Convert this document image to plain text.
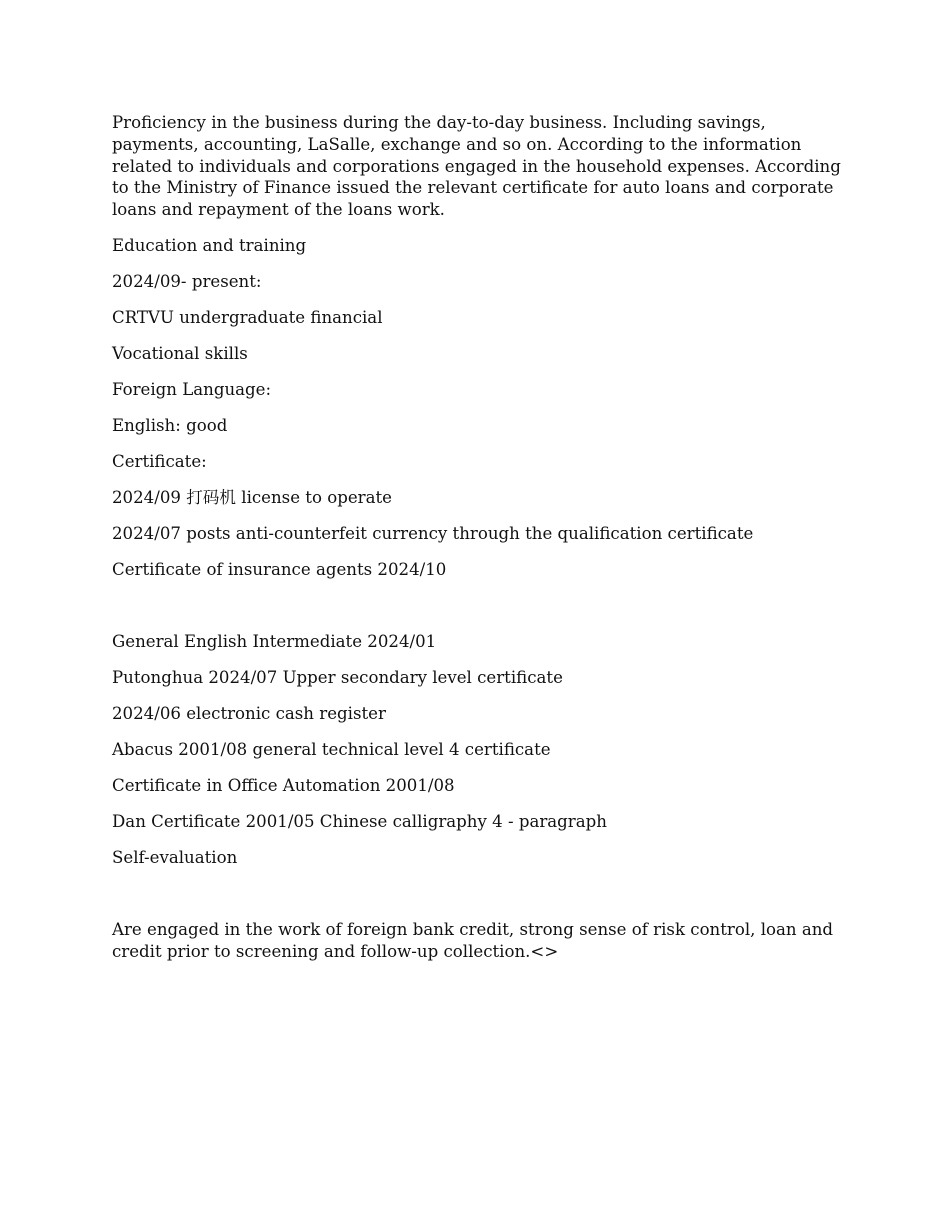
Proficiency in the business during the day-to-day business. Including savings, payments, accounting, LaSalle, exchange and so on. According to the information related to individuals and corporations engaged in the household expenses. According to the Ministry of Finance issued the relevant certificate for auto loans and corporate loans and repayment of the loans work.

Education and training
2024/09- present:
CRTVU undergraduate financial
Vocational skills
Foreign Language:
English: good
Certificate:
2024/09 打码机 license to operate
2024/07 posts anti-counterfeit currency through the qualification certificate
Certificate of insurance agents 2024/10
General English Intermediate 2024/01
Putonghua 2024/07 Upper secondary level certificate
2024/06 electronic cash register
Abacus 2001/08 general technical level 4 certificate
Certificate in Office Automation 2001/08
Dan Certificate 2001/05 Chinese calligraphy 4 - paragraph
Self-evaluation

Are engaged in the work of foreign bank credit, strong sense of risk control, loan and credit prior to screening and follow-up collection.<>
